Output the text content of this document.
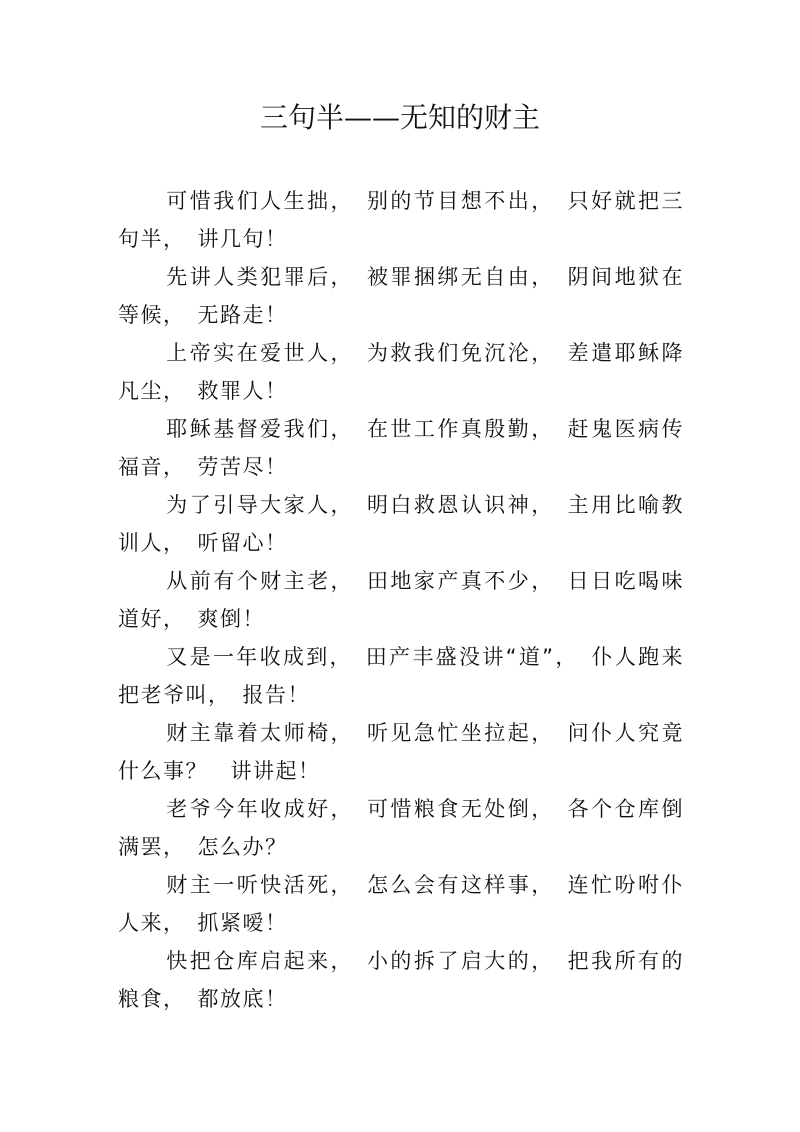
三句半——无知的财主

可惜我们人生拙，　别的节目想不出，　只好就把三句半，　讲几句！

先讲人类犯罪后，　被罪捆绑无自由，　阴间地狱在等候，　无路走！

上帝实在爱世人，　为救我们免沉沦，　差遣耶稣降凡尘，　救罪人！

耶稣基督爱我们，　在世工作真殷勤，　赶鬼医病传福音，　劳苦尽！

为了引导大家人，　明白救恩认识神，　主用比喻教训人，　听留心！

从前有个财主老，　田地家产真不少，　日日吃喝味道好，　爽倒！

又是一年收成到，　田产丰盛没讲“道”，　仆人跑来把老爷叫，　报告！

财主靠着太师椅，　听见急忙坐拉起，　问仆人究竟什么事？　讲讲起！

老爷今年收成好，　可惜粮食无处倒，　各个仓库倒满罢，　怎么办？

财主一听快活死，　怎么会有这样事，　连忙吩咐仆人来，　抓紧嗳！

快把仓库启起来，　小的拆了启大的，　把我所有的粮食，　都放底！
